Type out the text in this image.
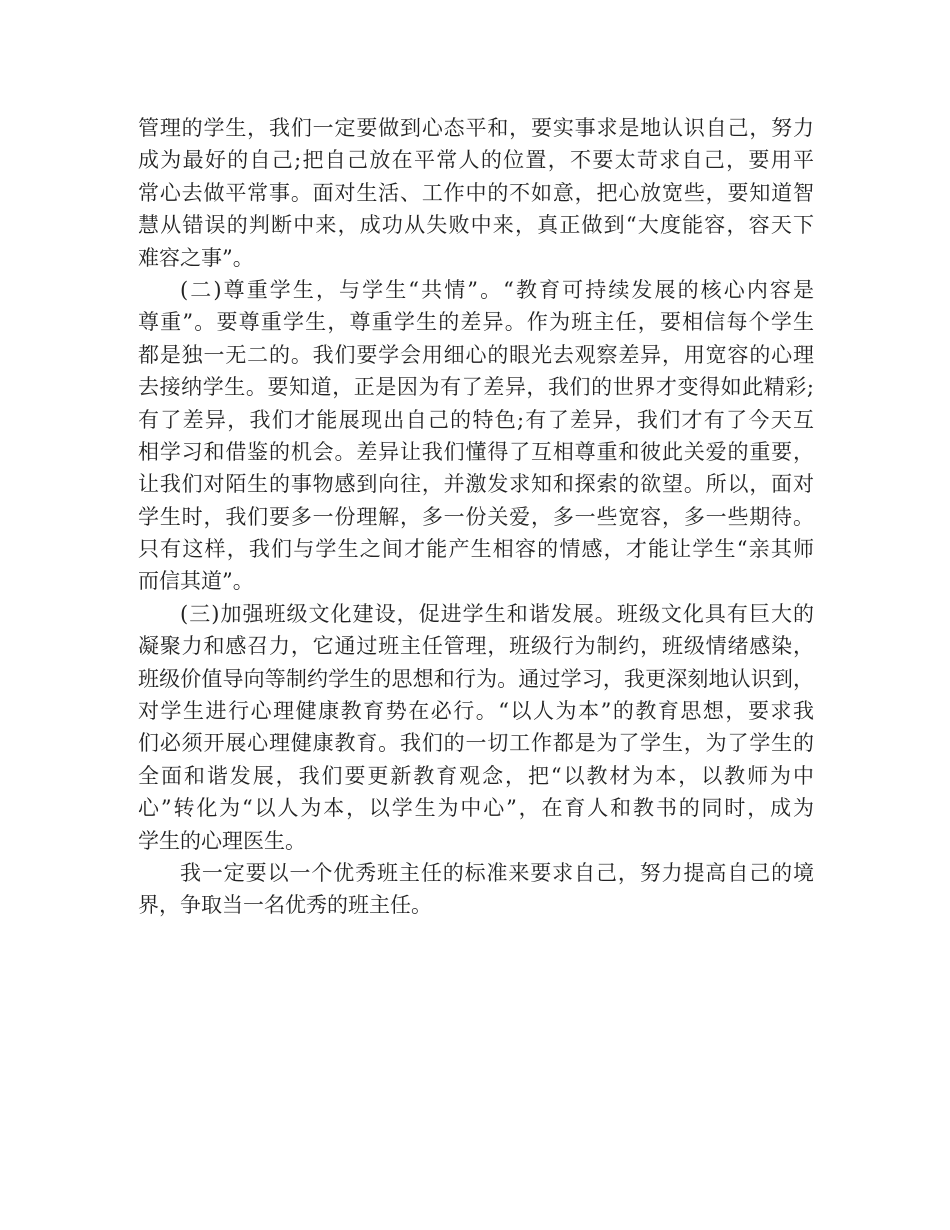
管理的学生，我们一定要做到心态平和，要实事求是地认识自己，努力
成为最好的自己;把自己放在平常人的位置，不要太苛求自己，要用平
常心去做平常事。面对生活、工作中的不如意，把心放宽些，要知道智
慧从错误的判断中来，成功从失败中来，真正做到“大度能容，容天下
难容之事”。
(二)尊重学生，与学生“共情”。“教育可持续发展的核心内容是
尊重”。要尊重学生，尊重学生的差异。作为班主任，要相信每个学生
都是独一无二的。我们要学会用细心的眼光去观察差异，用宽容的心理
去接纳学生。要知道，正是因为有了差异，我们的世界才变得如此精彩;
有了差异，我们才能展现出自己的特色;有了差异，我们才有了今天互
相学习和借鉴的机会。差异让我们懂得了互相尊重和彼此关爱的重要，
让我们对陌生的事物感到向往，并激发求知和探索的欲望。所以，面对
学生时，我们要多一份理解，多一份关爱，多一些宽容，多一些期待。
只有这样，我们与学生之间才能产生相容的情感，才能让学生“亲其师
而信其道”。
(三)加强班级文化建设，促进学生和谐发展。班级文化具有巨大的
凝聚力和感召力，它通过班主任管理，班级行为制约，班级情绪感染，
班级价值导向等制约学生的思想和行为。通过学习，我更深刻地认识到，
对学生进行心理健康教育势在必行。“以人为本”的教育思想，要求我
们必须开展心理健康教育。我们的一切工作都是为了学生，为了学生的
全面和谐发展，我们要更新教育观念，把“以教材为本，以教师为中
心”转化为“以人为本，以学生为中心”，在育人和教书的同时，成为
学生的心理医生。
我一定要以一个优秀班主任的标准来要求自己，努力提高自己的境
界，争取当一名优秀的班主任。
